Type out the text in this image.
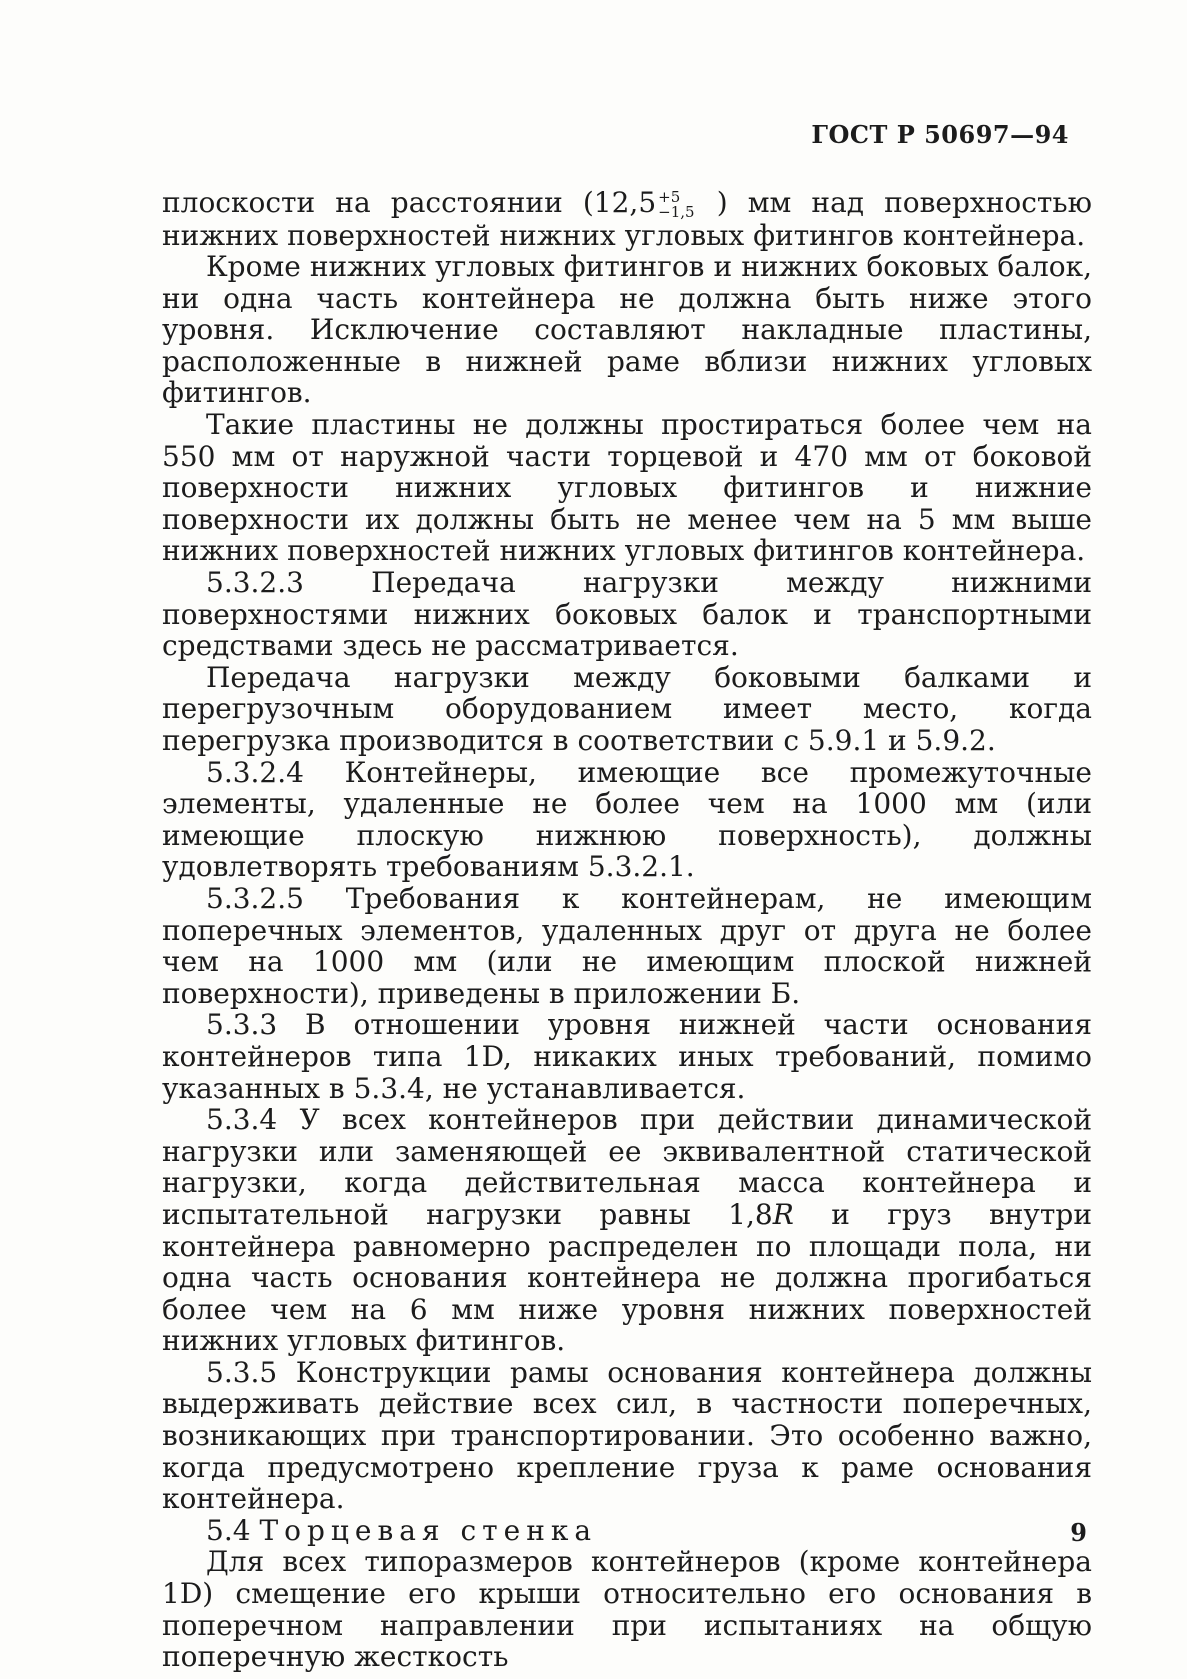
ГОСТ Р 50697—94

плоскости на расстоянии (12,5 +5
−1,5 ) мм над поверхностью нижних поверхностей нижних угловых фитингов контейнера.

Кроме нижних угловых фитингов и нижних боковых балок, ни одна часть контейнера не должна быть ниже этого уровня. Исключение составляют накладные пластины, расположенные в нижней раме вблизи нижних угловых фитингов.

Такие пластины не должны простираться более чем на 550 мм от наружной части торцевой и 470 мм от боковой поверхности нижних угловых фитингов и нижние поверхности их должны быть не менее чем на 5 мм выше нижних поверхностей нижних угловых фитингов контейнера.

5.3.2.3 Передача нагрузки между нижними поверхностями нижних боковых балок и транспортными средствами здесь не рассматривается.

Передача нагрузки между боковыми балками и перегрузочным оборудованием имеет место, когда перегрузка производится в соответствии с 5.9.1 и 5.9.2.

5.3.2.4 Контейнеры, имеющие все промежуточные элементы, удаленные не более чем на 1000 мм (или имеющие плоскую нижнюю поверхность), должны удовлетворять требованиям 5.3.2.1.

5.3.2.5 Требования к контейнерам, не имеющим поперечных элементов, удаленных друг от друга не более чем на 1000 мм (или не имеющим плоской нижней поверхности), приведены в приложении Б.

5.3.3 В отношении уровня нижней части основания контейнеров типа 1D, никаких иных требований, помимо указанных в 5.3.4, не устанавливается.

5.3.4 У всех контейнеров при действии динамической нагрузки или заменяющей ее эквивалентной статической нагрузки, когда действительная масса контейнера и испытательной нагрузки равны 1,8R и груз внутри контейнера равномерно распределен по площади пола, ни одна часть основания контейнера не должна прогибаться более чем на 6 мм ниже уровня нижних поверхностей нижних угловых фитингов.

5.3.5 Конструкции рамы основания контейнера должны выдерживать действие всех сил, в частности поперечных, возникающих при транспортировании. Это особенно важно, когда предусмотрено крепление груза к раме основания контейнера.

5.4 Торцевая стенка

Для всех типоразмеров контейнеров (кроме контейнера 1D) смещение его крыши относительно его основания в поперечном направлении при испытаниях на общую поперечную жесткость

9
